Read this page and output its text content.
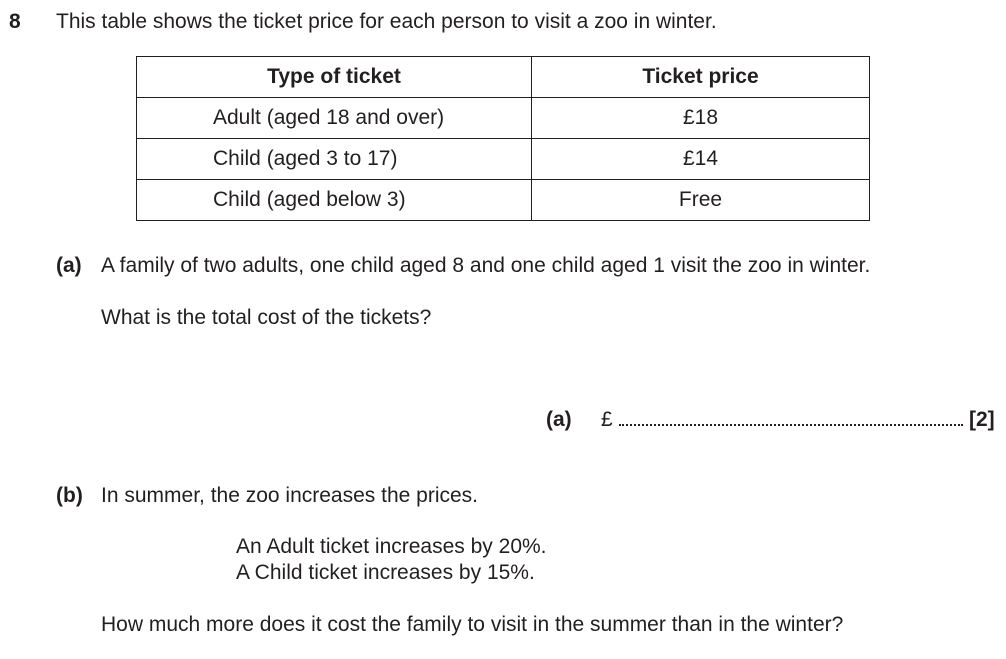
8 This table shows the ticket price for each person to visit a zoo in winter.
Type of ticket	Ticket price
Adult (aged 18 and over)	£18
Child (aged 3 to 17)	£14
Child (aged below 3)	Free
(a) A family of two adults, one child aged 8 and one child aged 1 visit the zoo in winter.
What is the total cost of the tickets?
(a) £	[2]
(b) In summer, the zoo increases the prices.
An Adult ticket increases by 20%.
A Child ticket increases by 15%.
How much more does it cost the family to visit in the summer than in the winter?
